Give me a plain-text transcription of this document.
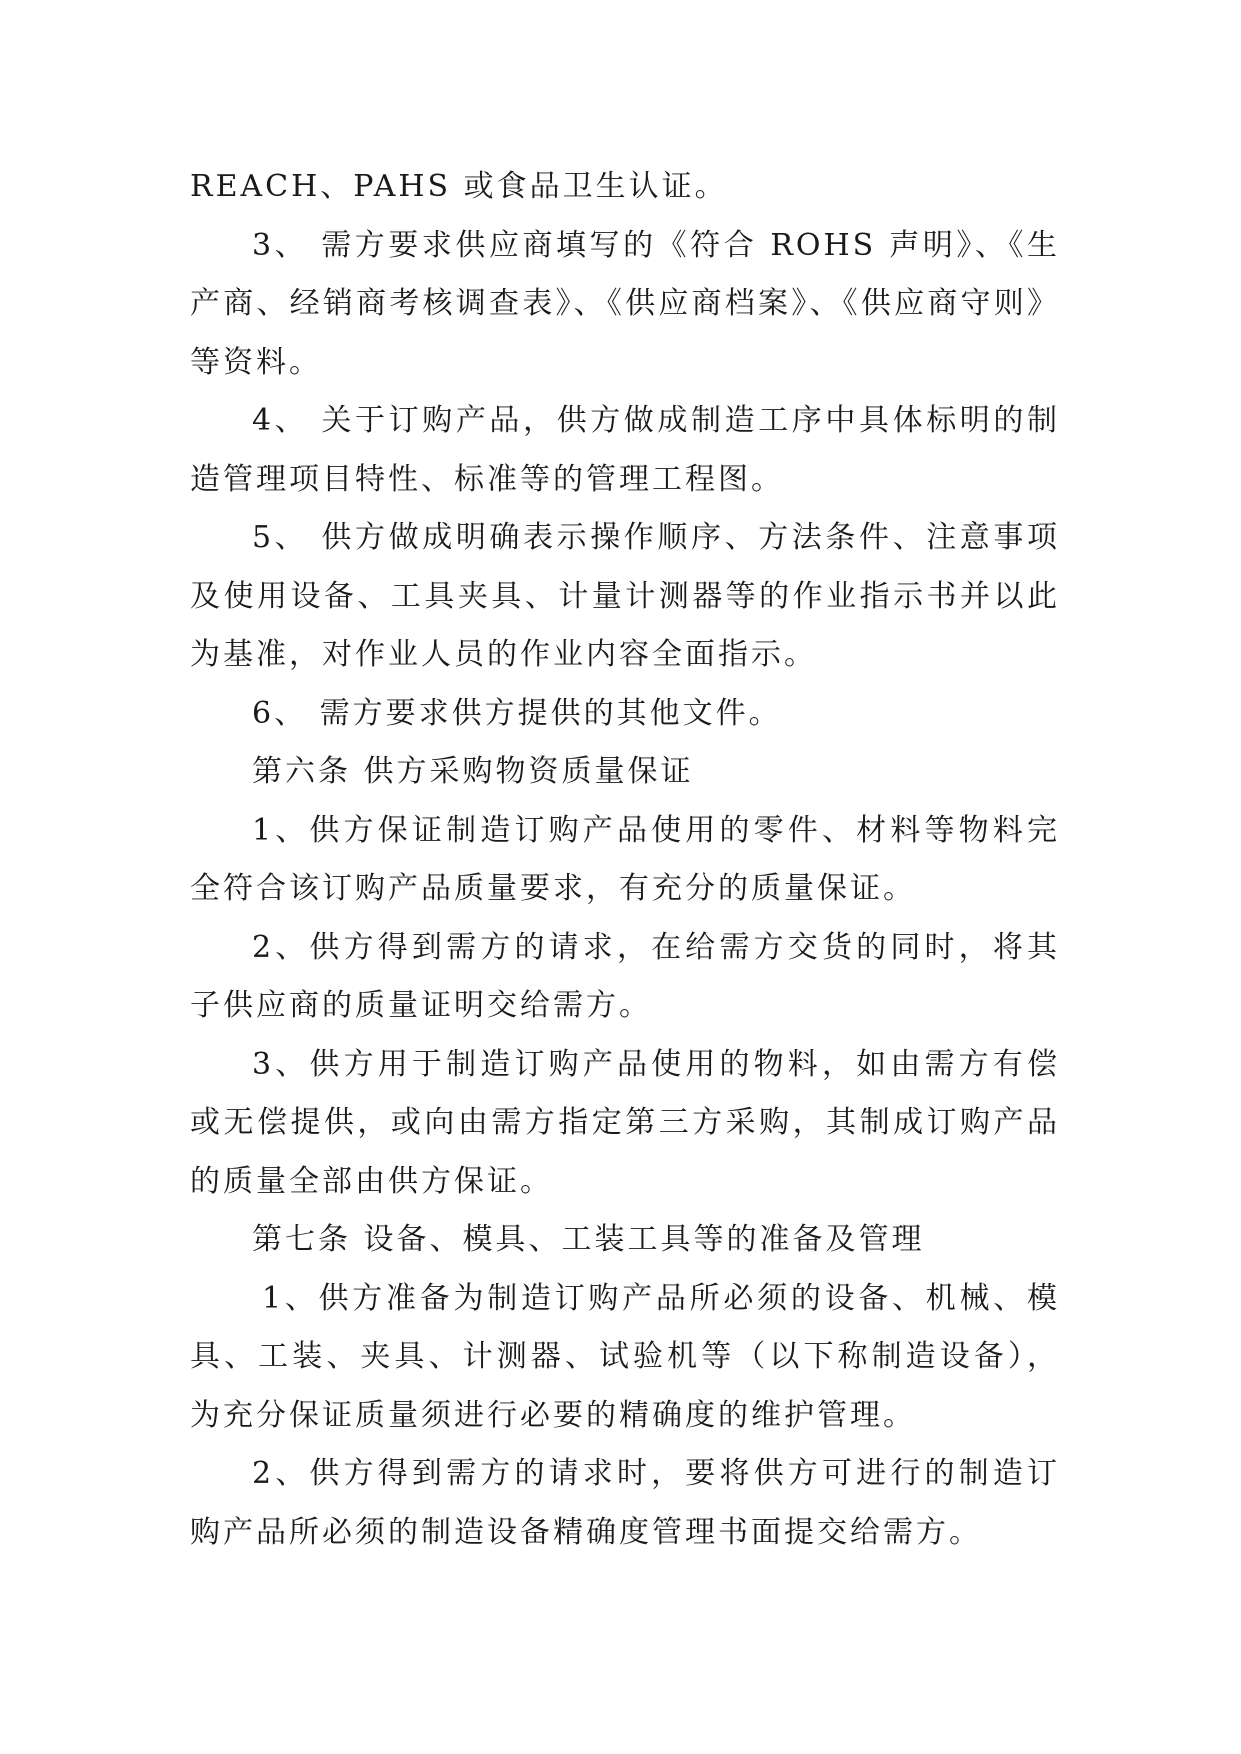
REACH、PAHS 或食品卫生认证。

3、 需方要求供应商填写的《符合 ROHS 声明》、《生产商、经销商考核调查表》、《供应商档案》、《供应商守则》等资料。

4、 关于订购产品，供方做成制造工序中具体标明的制造管理项目特性、标准等的管理工程图。

5、 供方做成明确表示操作顺序、方法条件、注意事项及使用设备、工具夹具、计量计测器等的作业指示书并以此为基准，对作业人员的作业内容全面指示。

6、 需方要求供方提供的其他文件。

第六条 供方采购物资质量保证

1、供方保证制造订购产品使用的零件、材料等物料完全符合该订购产品质量要求，有充分的质量保证。

2、供方得到需方的请求，在给需方交货的同时，将其子供应商的质量证明交给需方。

3、供方用于制造订购产品使用的物料，如由需方有偿或无偿提供，或向由需方指定第三方采购，其制成订购产品的质量全部由供方保证。

第七条 设备、模具、工装工具等的准备及管理

1、供方准备为制造订购产品所必须的设备、机械、模具、工装、夹具、计测器、试验机等（以下称制造设备），为充分保证质量须进行必要的精确度的维护管理。

2、供方得到需方的请求时，要将供方可进行的制造订购产品所必须的制造设备精确度管理书面提交给需方。
